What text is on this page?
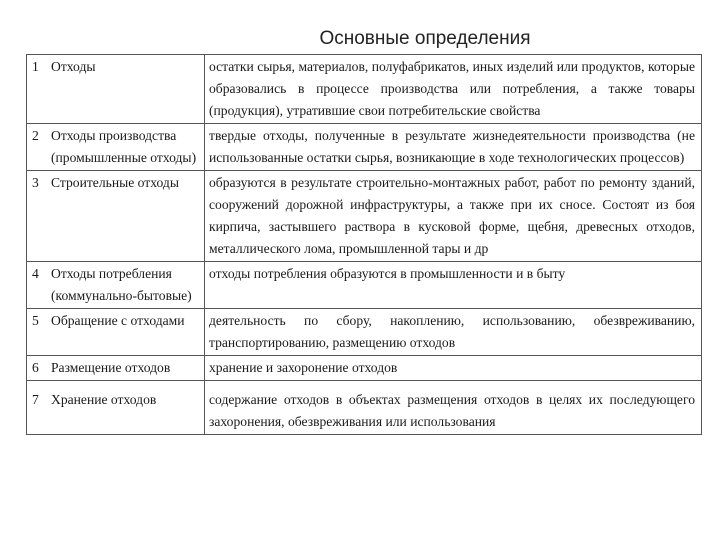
Основные определения
1 Отходы	остатки сырья, материалов, полуфабрикатов, иных изделий или продуктов, которые образовались в процессе производства или потребления, а также товары (продукция), утратившие свои потребительские свойства

2 Отходы производства (промышленные отходы)	твердые отходы, полученные в результате жизнедеятельности производства (не использованные остатки сырья, возникающие в ходе технологических процессов)

3 Строительные отходы	образуются в результате строительно-монтажных работ, работ по ремонту зданий, сооружений дорожной инфраструктуры, а также при их сносе. Состоят из боя кирпича, застывшего раствора в кусковой форме, щебня, древесных отходов, металлического лома, промышленной тары и др

4 Отходы потребления (коммунально-бытовые)	отходы потребления образуются в промышленности и в быту

5 Обращение с отходами	деятельность по сбору, накоплению, использованию, обезвреживанию, транспортированию, размещению отходов

6 Размещение отходов	хранение и захоронение отходов

7 Хранение отходов	содержание отходов в объектах размещения отходов в целях их последующего захоронения, обезвреживания или использования
